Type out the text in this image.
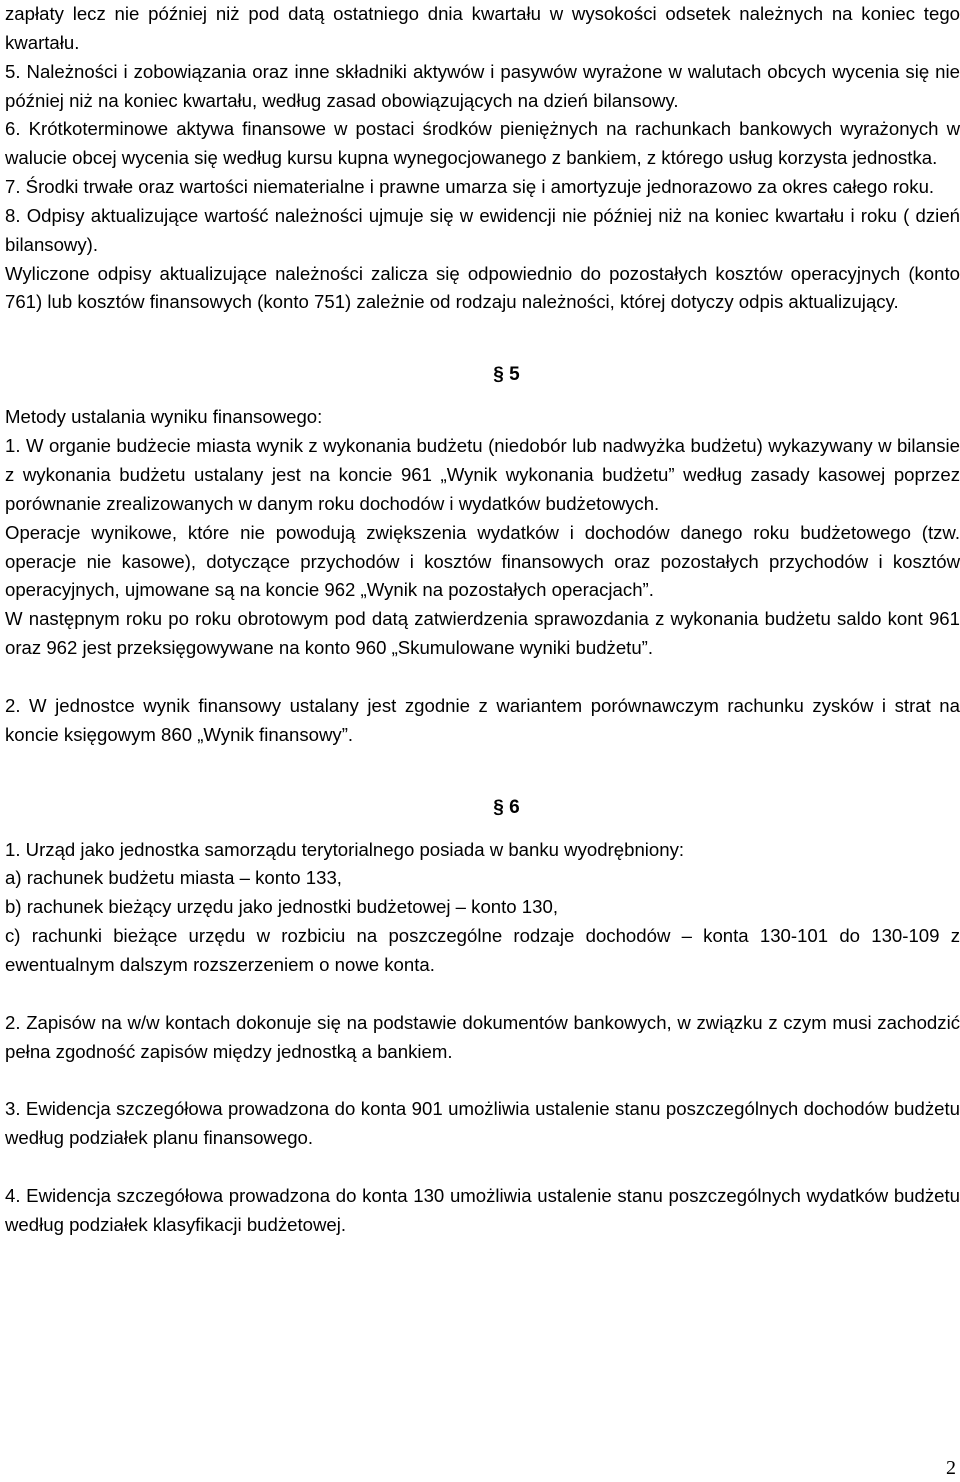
zapłaty lecz nie później niż pod datą ostatniego dnia kwartału w wysokości odsetek należnych na koniec tego kwartału.

5. Należności i zobowiązania oraz inne składniki aktywów i pasywów wyrażone w walutach obcych wycenia się nie później niż na koniec kwartału, według zasad obowiązujących na dzień bilansowy.

6. Krótkoterminowe aktywa finansowe w postaci środków pieniężnych na rachunkach bankowych wyrażonych w walucie obcej wycenia się według kursu kupna wynegocjowanego z bankiem, z którego usług korzysta jednostka.

7. Środki trwałe oraz wartości niematerialne i prawne umarza się i amortyzuje jednorazowo za okres całego roku.

8. Odpisy aktualizujące wartość należności ujmuje się w ewidencji nie później niż na koniec kwartału i roku ( dzień bilansowy).

Wyliczone odpisy aktualizujące należności zalicza się odpowiednio do pozostałych kosztów operacyjnych (konto 761) lub kosztów finansowych (konto 751) zależnie od rodzaju należności, której dotyczy odpis aktualizujący.

§ 5

Metody ustalania wyniku finansowego:

1. W organie budżecie miasta wynik z wykonania budżetu (niedobór lub nadwyżka budżetu) wykazywany w bilansie z wykonania budżetu ustalany jest na koncie 961 „Wynik wykonania budżetu” według zasady kasowej poprzez porównanie zrealizowanych w danym roku dochodów i wydatków budżetowych.

Operacje wynikowe, które nie powodują zwiększenia wydatków i dochodów danego roku budżetowego (tzw. operacje nie kasowe), dotyczące przychodów i kosztów finansowych oraz pozostałych przychodów i kosztów operacyjnych, ujmowane są na koncie 962 „Wynik na pozostałych operacjach”.

W następnym roku po roku obrotowym pod datą zatwierdzenia sprawozdania z wykonania budżetu saldo kont 961 oraz 962 jest przeksięgowywane na konto 960 „Skumulowane wyniki budżetu”.

2. W jednostce wynik finansowy ustalany jest zgodnie z wariantem porównawczym rachunku zysków i strat na koncie księgowym 860 „Wynik finansowy”.

§ 6

1. Urząd jako jednostka samorządu terytorialnego posiada w banku wyodrębniony:

a) rachunek budżetu miasta – konto 133,

b) rachunek bieżący urzędu jako jednostki budżetowej – konto 130,

c) rachunki bieżące urzędu w rozbiciu na poszczególne rodzaje dochodów – konta 130-101 do 130-109 z ewentualnym dalszym rozszerzeniem o nowe konta.

2. Zapisów na w/w kontach dokonuje się na podstawie dokumentów bankowych, w związku z czym musi zachodzić pełna zgodność zapisów między jednostką a bankiem.

3. Ewidencja szczegółowa prowadzona do konta 901 umożliwia ustalenie stanu poszczególnych dochodów budżetu według podziałek planu finansowego.

4. Ewidencja szczegółowa prowadzona do konta 130 umożliwia ustalenie stanu poszczególnych wydatków budżetu według podziałek klasyfikacji budżetowej.

2
